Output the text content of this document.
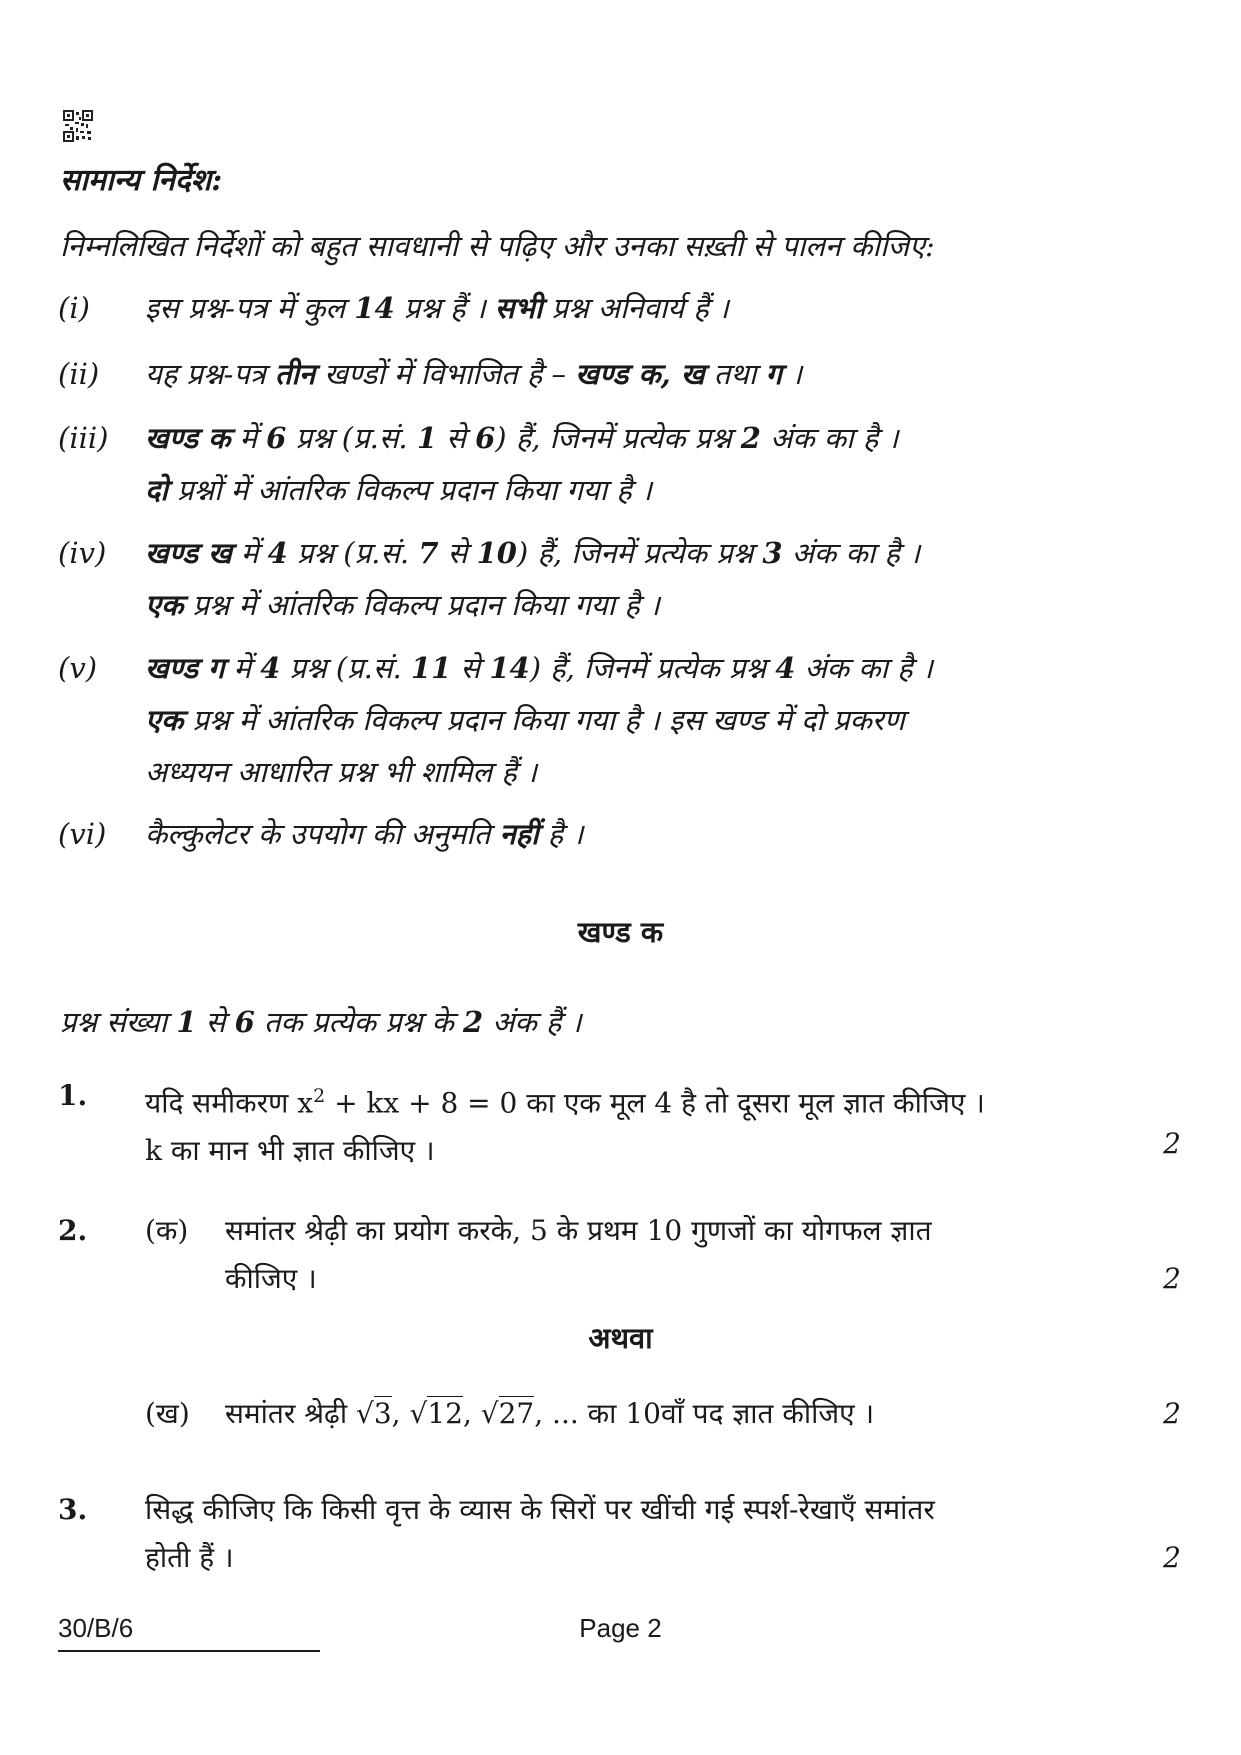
सामान्य निर्देश:
निम्नलिखित निर्देशों को बहुत सावधानी से पढ़िए और उनका सख़्ती से पालन कीजिए:
(i)	इस प्रश्न-पत्र में कुल 14 प्रश्न हैं । सभी प्रश्न अनिवार्य हैं ।
(ii)	यह प्रश्न-पत्र तीन खण्डों में विभाजित है – खण्ड क, ख तथा ग ।
(iii)	खण्ड क में 6 प्रश्न (प्र.सं. 1 से 6) हैं, जिनमें प्रत्येक प्रश्न 2 अंक का है ।
दो प्रश्नों में आंतरिक विकल्प प्रदान किया गया है ।
(iv)	खण्ड ख में 4 प्रश्न (प्र.सं. 7 से 10) हैं, जिनमें प्रत्येक प्रश्न 3 अंक का है ।
एक प्रश्न में आंतरिक विकल्प प्रदान किया गया है ।
(v)	खण्ड ग में 4 प्रश्न (प्र.सं. 11 से 14) हैं, जिनमें प्रत्येक प्रश्न 4 अंक का है ।
एक प्रश्न में आंतरिक विकल्प प्रदान किया गया है । इस खण्ड में दो प्रकरण
अध्ययन आधारित प्रश्न भी शामिल हैं ।
(vi)	कैल्कुलेटर के उपयोग की अनुमति नहीं है ।
खण्ड क
प्रश्न संख्या 1 से 6 तक प्रत्येक प्रश्न के 2 अंक हैं ।
1. यदि समीकरण $x^2$ + kx + 8 = 0 का एक मूल 4 है तो दूसरा मूल ज्ञात कीजिए ।
k का मान भी ज्ञात कीजिए ।	2
2. (क) समांतर श्रेढ़ी का प्रयोग करके, 5 के प्रथम 10 गुणजों का योगफल ज्ञात
कीजिए ।	2
अथवा
(ख) समांतर श्रेढ़ी √3, √12, √27, ... का 10वाँ पद ज्ञात कीजिए ।	2
3. सिद्ध कीजिए कि किसी वृत्त के व्यास के सिरों पर खींची गई स्पर्श-रेखाएँ समांतर
होती हैं ।	2
30/B/6	Page 2
